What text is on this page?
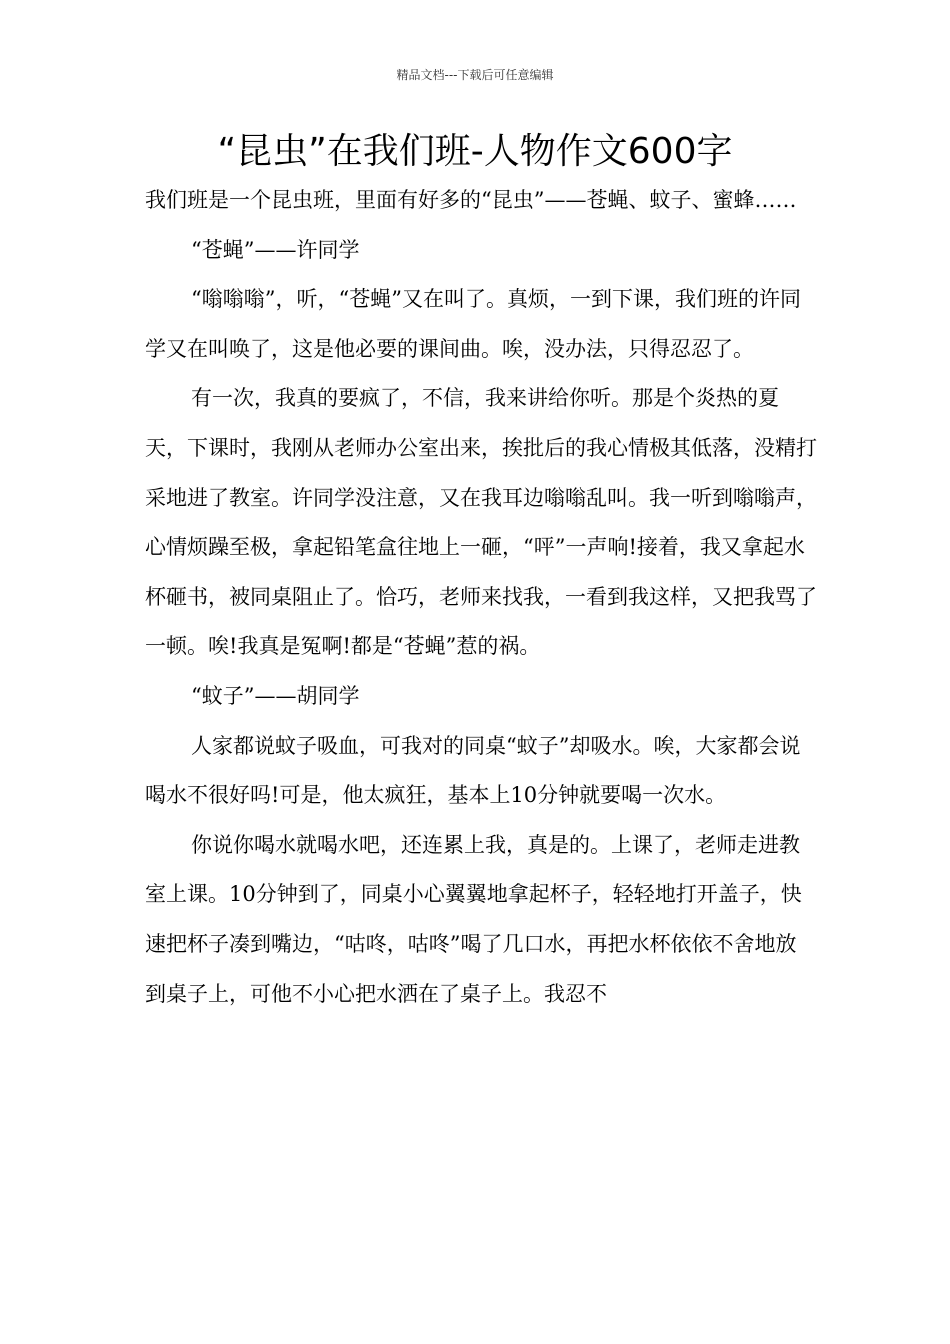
精品文档---下载后可任意编辑
“昆虫”在我们班-人物作文600字

我们班是一个昆虫班，里面有好多的“昆虫”——苍蝇、蚊子、蜜蜂……

“苍蝇”——许同学

“嗡嗡嗡”，听，“苍蝇”又在叫了。真烦，一到下课，我们班的许同学又在叫唤了，这是他必要的课间曲。唉，没办法，只得忍忍了。

有一次，我真的要疯了，不信，我来讲给你听。那是个炎热的夏天，下课时，我刚从老师办公室出来，挨批后的我心情极其低落，没精打采地进了教室。许同学没注意，又在我耳边嗡嗡乱叫。我一听到嗡嗡声，心情烦躁至极，拿起铅笔盒往地上一砸，“呯”一声响!接着，我又拿起水杯砸书，被同桌阻止了。恰巧，老师来找我，一看到我这样，又把我骂了一顿。唉!我真是冤啊!都是“苍蝇”惹的祸。

“蚊子”——胡同学

人家都说蚊子吸血，可我对的同桌“蚊子”却吸水。唉，大家都会说喝水不很好吗!可是，他太疯狂，基本上10分钟就要喝一次水。

你说你喝水就喝水吧，还连累上我，真是的。上课了，老师走进教室上课。10分钟到了，同桌小心翼翼地拿起杯子，轻轻地打开盖子，快速把杯子凑到嘴边，“咕咚，咕咚”喝了几口水，再把水杯依依不舍地放到桌子上，可他不小心把水洒在了桌子上。我忍不
